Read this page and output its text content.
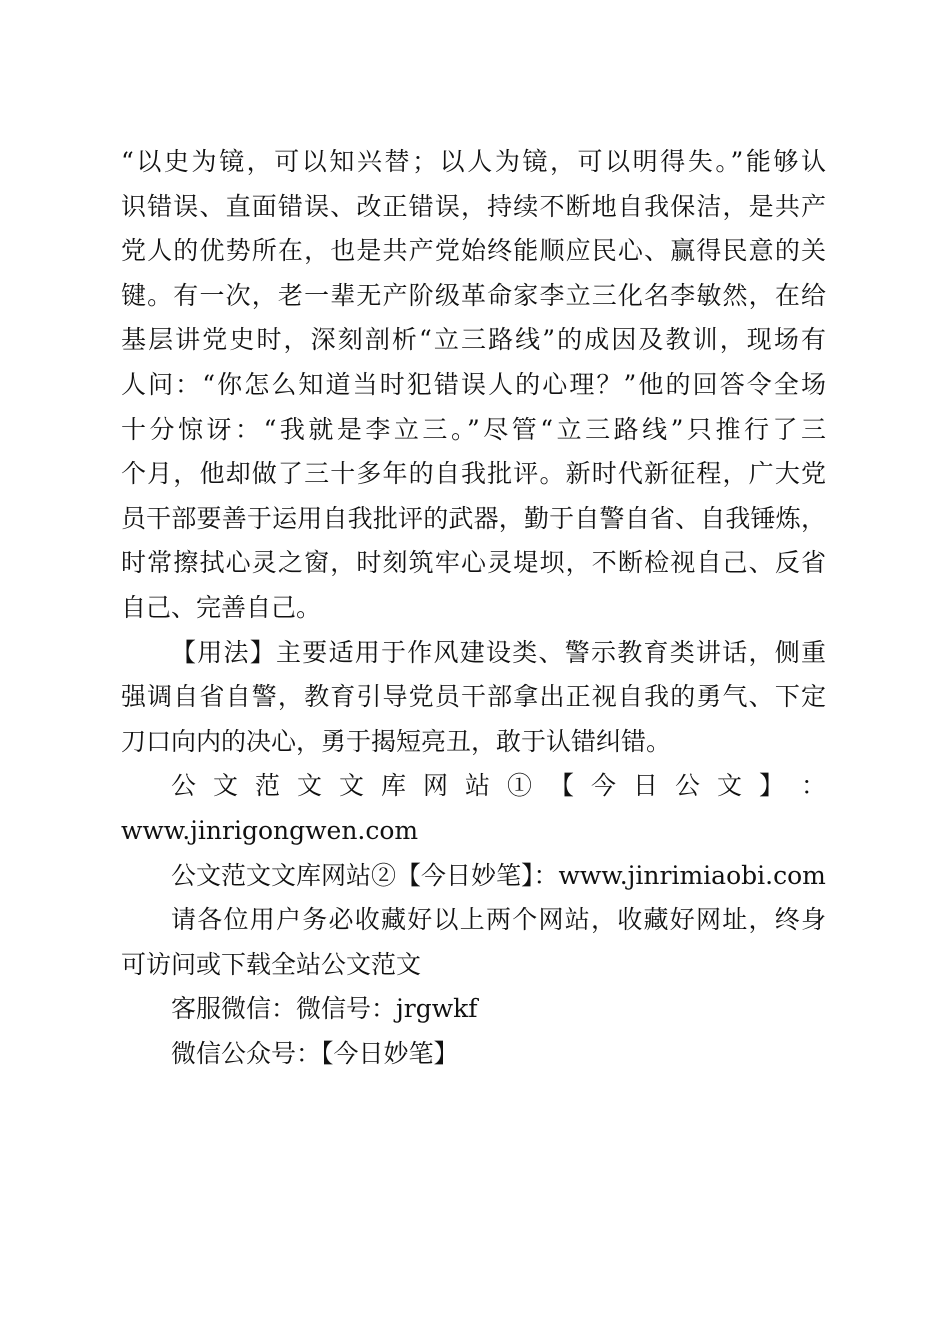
“以史为镜，可以知兴替；以人为镜，可以明得失。”能够认
识错误、直面错误、改正错误，持续不断地自我保洁，是共产
党人的优势所在，也是共产党始终能顺应民心、赢得民意的关
键。有一次，老一辈无产阶级革命家李立三化名李敏然，在给
基层讲党史时，深刻剖析“立三路线”的成因及教训，现场有
人问：“你怎么知道当时犯错误人的心理？”他的回答令全场
十分惊讶：“我就是李立三。”尽管“立三路线”只推行了三
个月，他却做了三十多年的自我批评。新时代新征程，广大党
员干部要善于运用自我批评的武器，勤于自警自省、自我锤炼，
时常擦拭心灵之窗，时刻筑牢心灵堤坝，不断检视自己、反省
自己、完善自己。

【用法】主要适用于作风建设类、警示教育类讲话，侧重
强调自省自警，教育引导党员干部拿出正视自我的勇气、下定
刀口向内的决心，勇于揭短亮丑，敢于认错纠错。

公 文 范 文 文 库 网 站 ① 【 今 日 公 文 】 ：
www.jinrigongwen.com

公文范文文库网站②【今日妙笔】：www.jinrimiaobi.com

请各位用户务必收藏好以上两个网站，收藏好网址，终身
可访问或下载全站公文范文

客服微信：微信号：jrgwkf

微信公众号：【今日妙笔】
